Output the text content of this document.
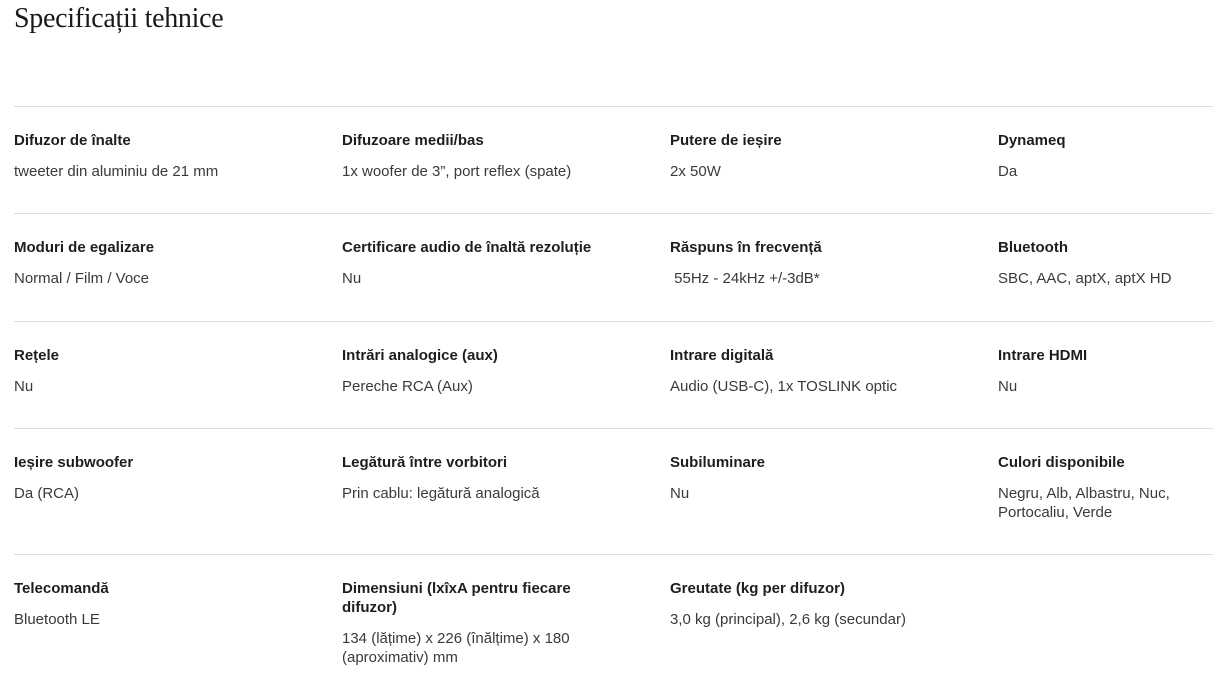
Specificații tehnice
Difuzor de înalte
tweeter din aluminiu de 21 mm
Difuzoare medii/bas
1x woofer de 3”, port reflex (spate)
Putere de ieșire
2x 50W
Dynameq
Da
Moduri de egalizare
Normal / Film / Voce
Certificare audio de înaltă rezoluție
Nu
Răspuns în frecvență
55Hz - 24kHz +/-3dB*
Bluetooth
SBC, AAC, aptX, aptX HD
Rețele
Nu
Intrări analogice (aux)
Pereche RCA (Aux)
Intrare digitală
Audio (USB-C), 1x TOSLINK optic
Intrare HDMI
Nu
Ieșire subwoofer
Da (RCA)
Legătură între vorbitori
Prin cablu: legătură analogică
Subiluminare
Nu
Culori disponibile
Negru, Alb, Albastru, Nuc, Portocaliu, Verde
Telecomandă
Bluetooth LE
Dimensiuni (lxîxA pentru fiecare difuzor)
134 (lățime) x 226 (înălțime) x 180 (aproximativ) mm
Greutate (kg per difuzor)
3,0 kg (principal), 2,6 kg (secundar)
